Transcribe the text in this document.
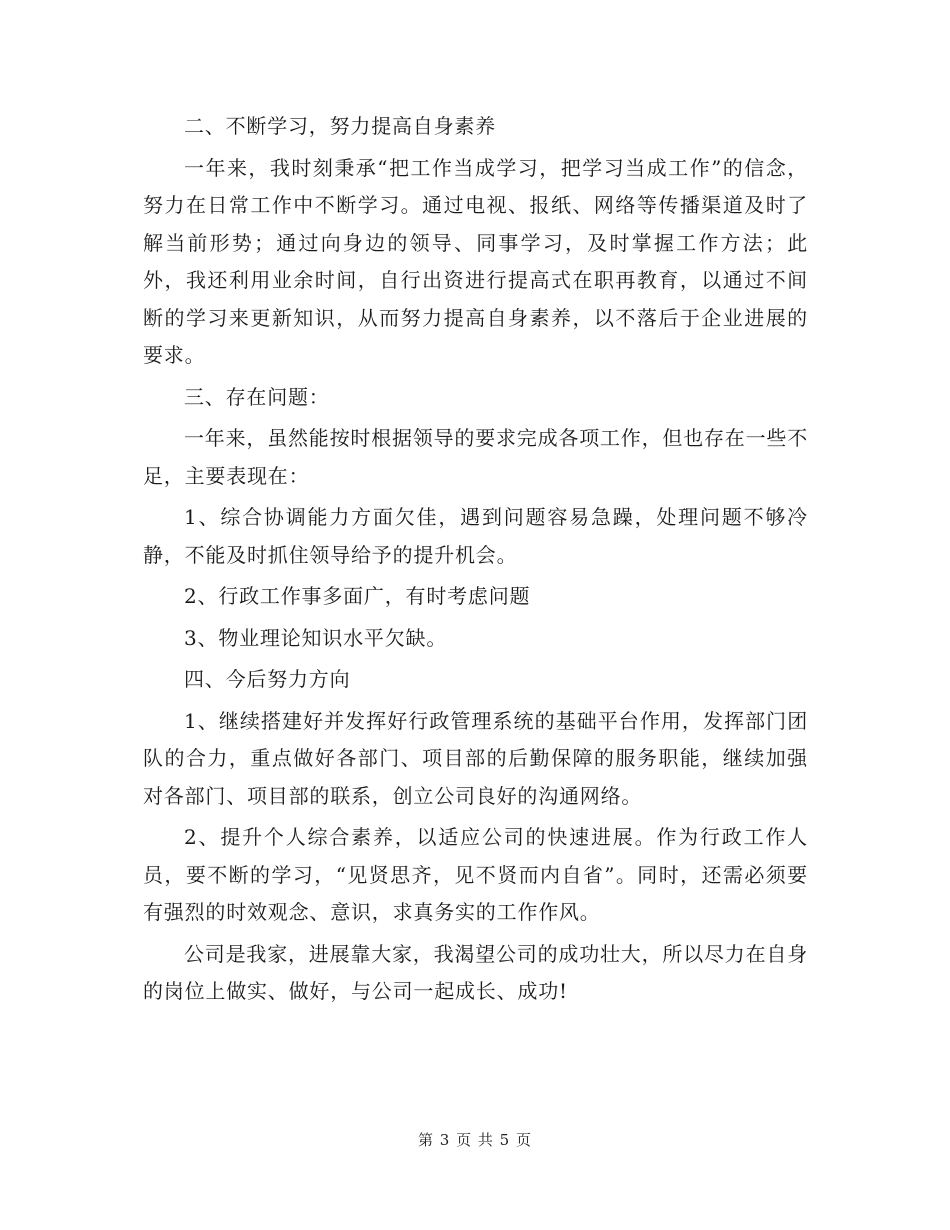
二、不断学习，努力提高自身素养

一年来，我时刻秉承“把工作当成学习，把学习当成工作”的信念，努力在日常工作中不断学习。通过电视、报纸、网络等传播渠道及时了解当前形势；通过向身边的领导、同事学习，及时掌握工作方法；此外，我还利用业余时间，自行出资进行提高式在职再教育，以通过不间断的学习来更新知识，从而努力提高自身素养，以不落后于企业进展的要求。

三、存在问题：

一年来，虽然能按时根据领导的要求完成各项工作，但也存在一些不足，主要表现在：

1、综合协调能力方面欠佳，遇到问题容易急躁，处理问题不够冷静，不能及时抓住领导给予的提升机会。

2、行政工作事多面广，有时考虑问题

3、物业理论知识水平欠缺。

四、今后努力方向

1、继续搭建好并发挥好行政管理系统的基础平台作用，发挥部门团队的合力，重点做好各部门、项目部的后勤保障的服务职能，继续加强对各部门、项目部的联系，创立公司良好的沟通网络。

2、提升个人综合素养，以适应公司的快速进展。作为行政工作人员，要不断的学习，“见贤思齐，见不贤而内自省”。同时，还需必须要有强烈的时效观念、意识，求真务实的工作作风。

公司是我家，进展靠大家，我渴望公司的成功壮大，所以尽力在自身的岗位上做实、做好，与公司一起成长、成功!

第 3 页 共 5 页
